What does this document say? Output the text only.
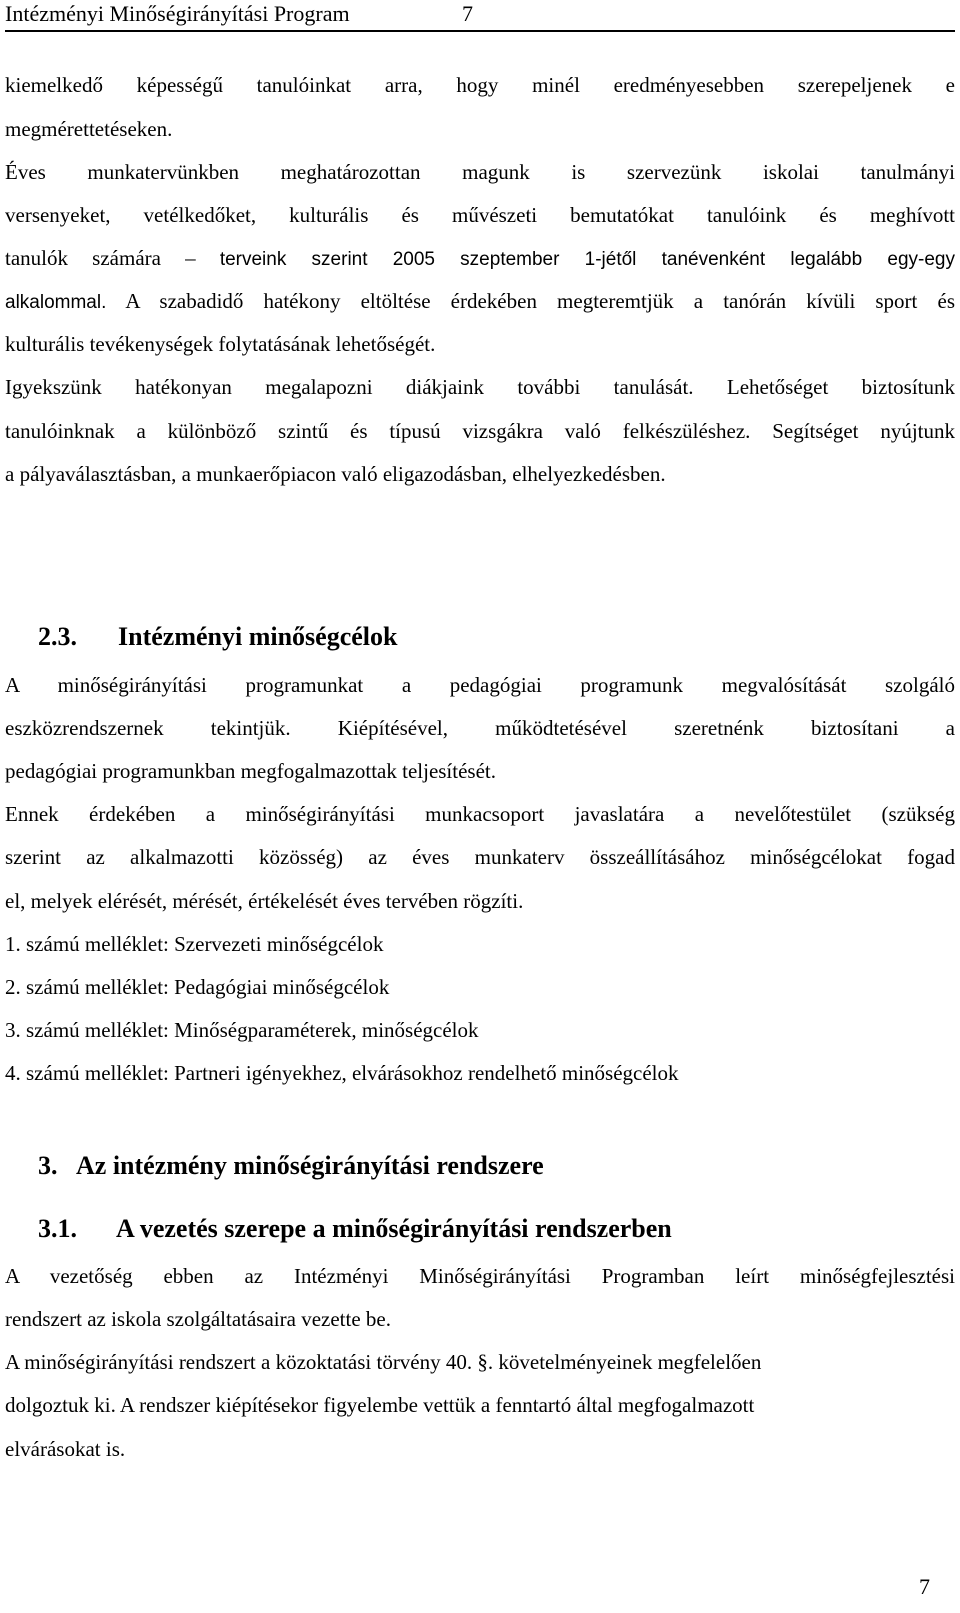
Intézményi Minőségirányítási Program	7
kiemelkedő képességű tanulóinkat arra, hogy minél eredményesebben szerepeljenek e
megmérettetéseken.
Éves munkatervünkben meghatározottan magunk is szervezünk iskolai tanulmányi
versenyeket, vetélkedőket, kulturális és művészeti bemutatókat tanulóink és meghívott
tanulók számára – terveink szerint 2005 szeptember 1-jétől tanévenként legalább egy-egy
alkalommal. A szabadidő hatékony eltöltése érdekében megteremtjük a tanórán kívüli sport és
kulturális tevékenységek folytatásának lehetőségét.
Igyekszünk hatékonyan megalapozni diákjaink további tanulását. Lehetőséget biztosítunk
tanulóinknak a különböző szintű és típusú vizsgákra való felkészüléshez. Segítséget nyújtunk
a pályaválasztásban, a munkaerőpiacon való eligazodásban, elhelyezkedésben.
2.3. Intézményi minőségcélok
A minőségirányítási programunkat a pedagógiai programunk megvalósítását szolgáló
eszközrendszernek tekintjük. Kiépítésével, működtetésével szeretnénk biztosítani a
pedagógiai programunkban megfogalmazottak teljesítését.
Ennek érdekében a minőségirányítási munkacsoport javaslatára a nevelőtestület (szükség
szerint az alkalmazotti közösség) az éves munkaterv összeállításához minőségcélokat fogad
el, melyek elérését, mérését, értékelését éves tervében rögzíti.
1. számú melléklet: Szervezeti minőségcélok
2. számú melléklet: Pedagógiai minőségcélok
3. számú melléklet: Minőségparaméterek, minőségcélok
4. számú melléklet: Partneri igényekhez, elvárásokhoz rendelhető minőségcélok
3. Az intézmény minőségirányítási rendszere
3.1. A vezetés szerepe a minőségirányítási rendszerben
A vezetőség ebben az Intézményi Minőségirányítási Programban leírt minőségfejlesztési
rendszert az iskola szolgáltatásaira vezette be.
A minőségirányítási rendszert a közoktatási törvény 40. §. követelményeinek megfelelően
dolgoztuk ki. A rendszer kiépítésekor figyelembe vettük a fenntartó által megfogalmazott
elvárásokat is.
7
